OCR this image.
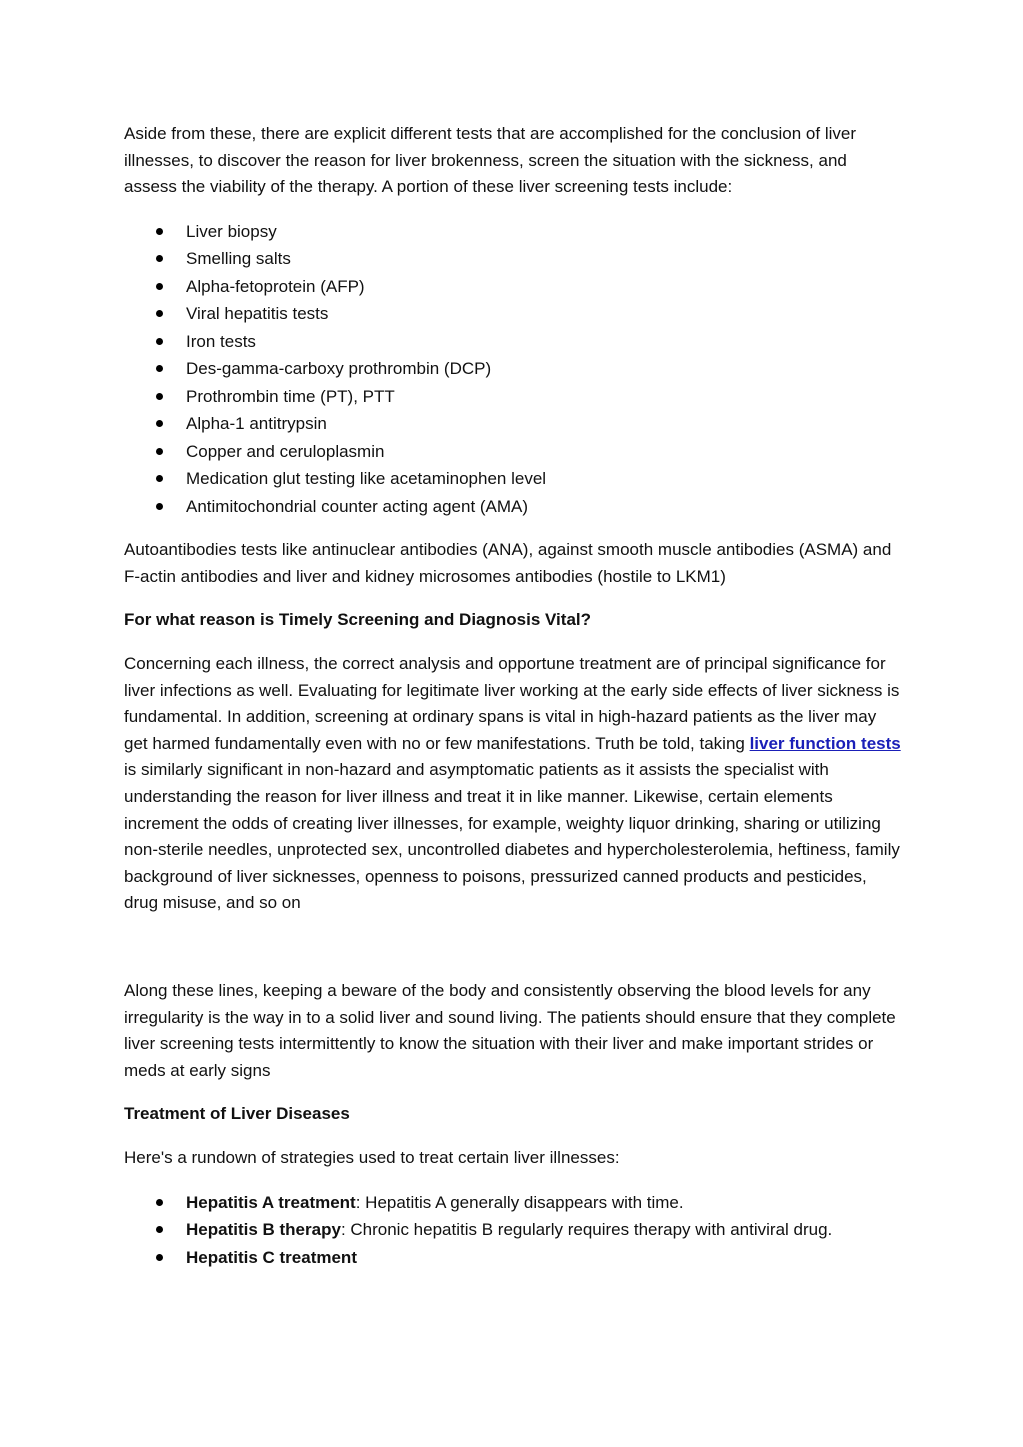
Aside from these, there are explicit different tests that are accomplished for the conclusion of liver illnesses, to discover the reason for liver brokenness, screen the situation with the sickness, and assess the viability of the therapy. A portion of these liver screening tests include:

Liver biopsy
Smelling salts
Alpha-fetoprotein (AFP)
Viral hepatitis tests
Iron tests
Des-gamma-carboxy prothrombin (DCP)
Prothrombin time (PT), PTT
Alpha-1 antitrypsin
Copper and ceruloplasmin
Medication glut testing like acetaminophen level
Antimitochondrial counter acting agent (AMA)

Autoantibodies tests like antinuclear antibodies (ANA), against smooth muscle antibodies (ASMA) and F-actin antibodies and liver and kidney microsomes antibodies (hostile to LKM1)

For what reason is Timely Screening and Diagnosis Vital?

Concerning each illness, the correct analysis and opportune treatment are of principal significance for liver infections as well. Evaluating for legitimate liver working at the early side effects of liver sickness is fundamental. In addition, screening at ordinary spans is vital in high-hazard patients as the liver may get harmed fundamentally even with no or few manifestations. Truth be told, taking liver function tests is similarly significant in non-hazard and asymptomatic patients as it assists the specialist with understanding the reason for liver illness and treat it in like manner. Likewise, certain elements increment the odds of creating liver illnesses, for example, weighty liquor drinking, sharing or utilizing non-sterile needles, unprotected sex, uncontrolled diabetes and hypercholesterolemia, heftiness, family background of liver sicknesses, openness to poisons, pressurized canned products and pesticides, drug misuse, and so on

Along these lines, keeping a beware of the body and consistently observing the blood levels for any irregularity is the way in to a solid liver and sound living. The patients should ensure that they complete liver screening tests intermittently to know the situation with their liver and make important strides or meds at early signs

Treatment of Liver Diseases

Here's a rundown of strategies used to treat certain liver illnesses:

Hepatitis A treatment: Hepatitis A generally disappears with time.
Hepatitis B therapy: Chronic hepatitis B regularly requires therapy with antiviral drug.
Hepatitis C treatment
